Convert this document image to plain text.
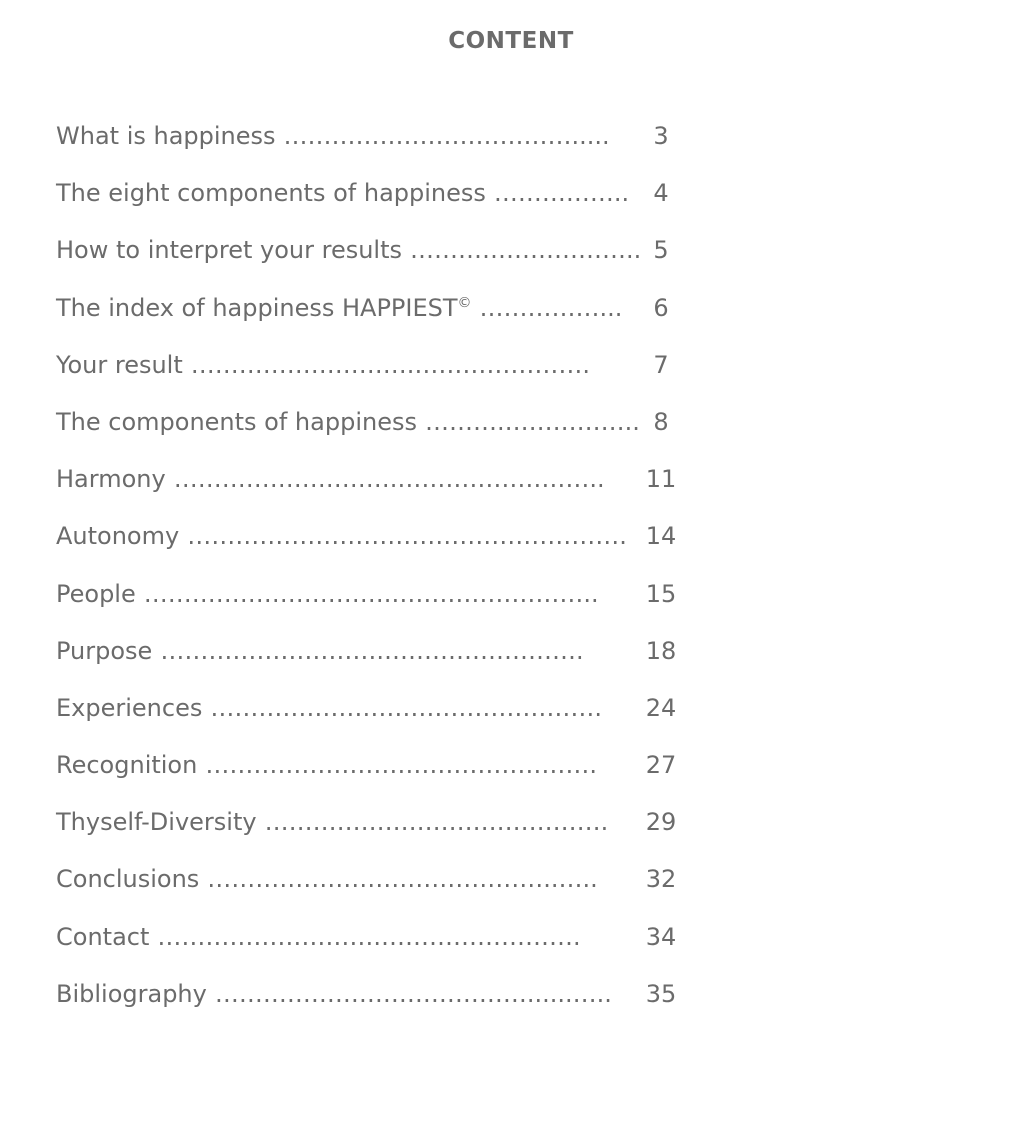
CONTENT
What is happiness ……………………………….....	3
The eight components of happiness ……………..	4
How to interpret your results ……………………….. 5
The index of happiness HAPPIEST© ……………...	6
Your result ……………………….………………….	7
The components of happiness ……….…………….. 8
Harmony ……………………….……………………..	11
Autonomy ………………………………………………. 14
People ………………………….……………………..	15
Purpose ……………………….…………………….	18
Experiences ………………………………………….	24
Recognition ………………………………………….	27
Thyself-Diversity …………………………………….	29
Conclusions ……………………………………..…..	32
Contact ……………………….…………………….	34
Bibliography …………………………………......…..	35
